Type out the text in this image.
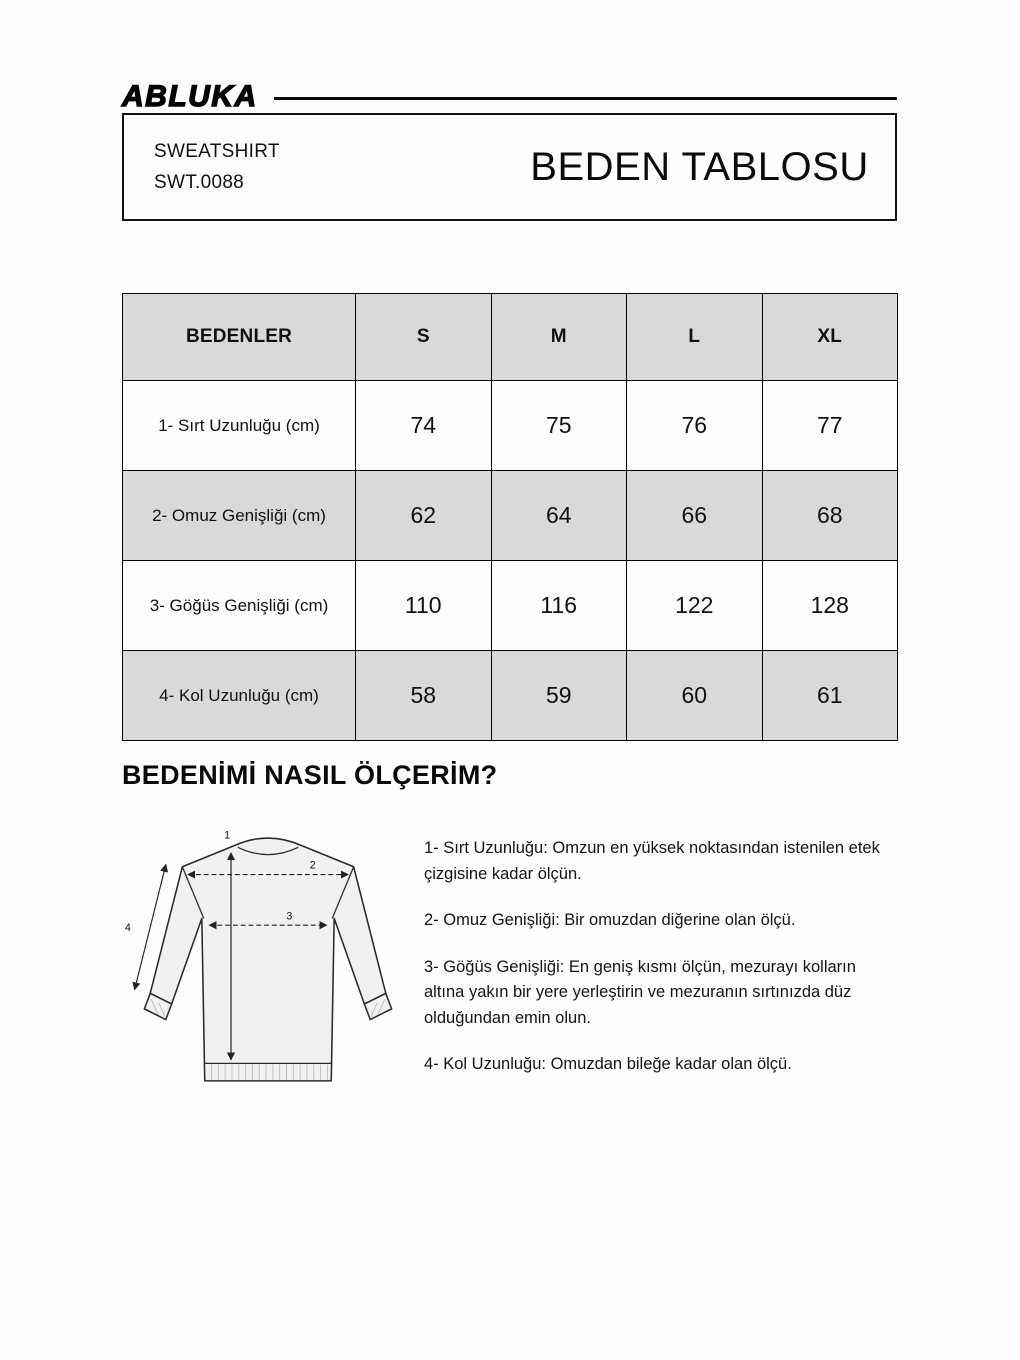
ABLUKA
SWEATSHIRT
SWT.0088	BEDEN TABLOSU
BEDENLER	S	M	L	XL
1- Sırt Uzunluğu (cm)	74	75	76	77
2- Omuz Genişliği (cm)	62	64	66	68
3- Göğüs Genişliği (cm)	110	116	122	128
4- Kol Uzunluğu (cm)	58	59	60	61
BEDENİMİ NASIL ÖLÇERİM?
1
2
3
4

1- Sırt Uzunluğu: Omzun en yüksek noktasından istenilen etek çizgisine kadar ölçün.

2- Omuz Genişliği: Bir omuzdan diğerine olan ölçü.

3- Göğüs Genişliği: En geniş kısmı ölçün, mezurayı kolların altına yakın bir yere yerleştirin ve mezuranın sırtınızda düz olduğundan emin olun.

4- Kol Uzunluğu: Omuzdan bileğe kadar olan ölçü.
